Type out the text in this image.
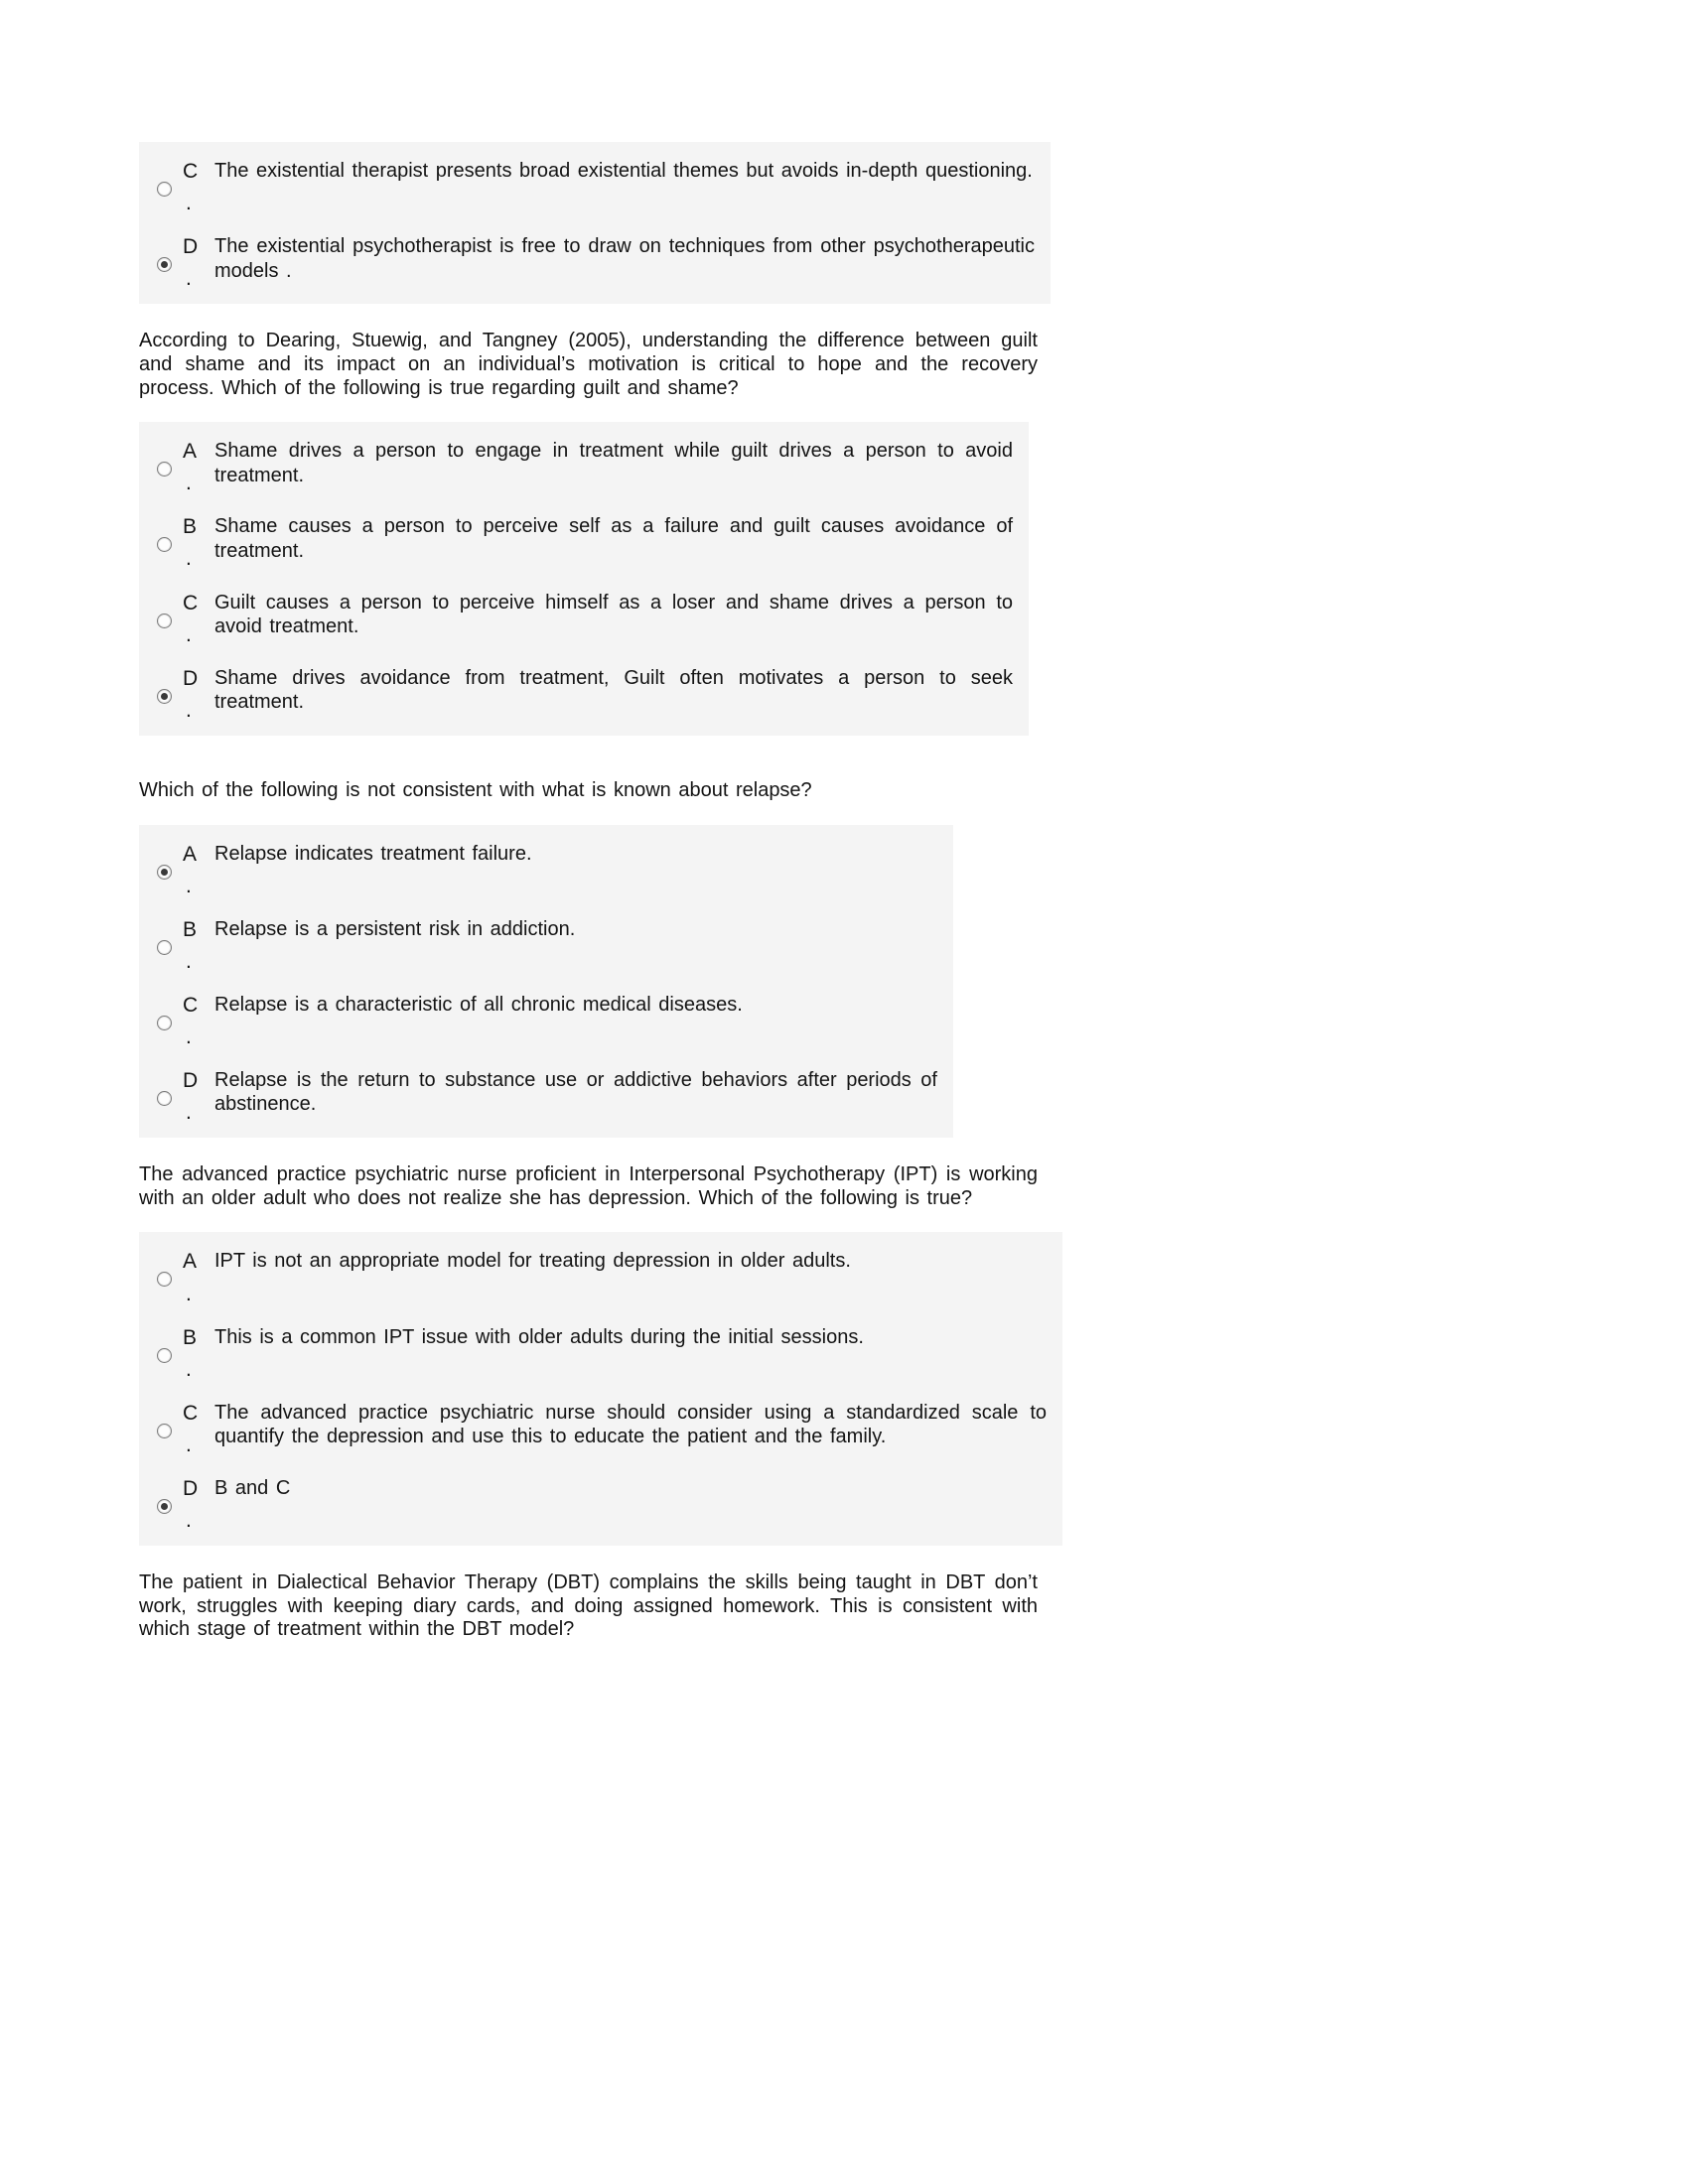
C
.
The existential therapist presents broad existential themes but avoids in-depth questioning.
D
.
The existential psychotherapist is free to draw on techniques from other psychotherapeutic models .

According to Dearing, Stuewig, and Tangney (2005), understanding the difference between guilt and shame and its impact on an individual’s motivation is critical to hope and the recovery process. Which of the following is true regarding guilt and shame?

A
.
Shame drives a person to engage in treatment while guilt drives a person to avoid treatment.
B
.
Shame causes a person to perceive self as a failure and guilt causes avoidance of treatment.
C
.
Guilt causes a person to perceive himself as a loser and shame drives a person to avoid treatment.
D
.
Shame drives avoidance from treatment, Guilt often motivates a person to seek treatment.

Which of the following is not consistent with what is known about relapse?

A
.
Relapse indicates treatment failure.
B
.
Relapse is a persistent risk in addiction.
C
.
Relapse is a characteristic of all chronic medical diseases.
D
.
Relapse is the return to substance use or addictive behaviors after periods of abstinence.

The advanced practice psychiatric nurse proficient in Interpersonal Psychotherapy (IPT) is working with an older adult who does not realize she has depression. Which of the following is true?

A
.
IPT is not an appropriate model for treating depression in older adults.
B
.
This is a common IPT issue with older adults during the initial sessions.
C
.
The advanced practice psychiatric nurse should consider using a standardized scale to quantify the depression and use this to educate the patient and the family.
D
.
B and C

The patient in Dialectical Behavior Therapy (DBT) complains the skills being taught in DBT don’t work, struggles with keeping diary cards, and doing assigned homework. This is consistent with which stage of treatment within the DBT model?
